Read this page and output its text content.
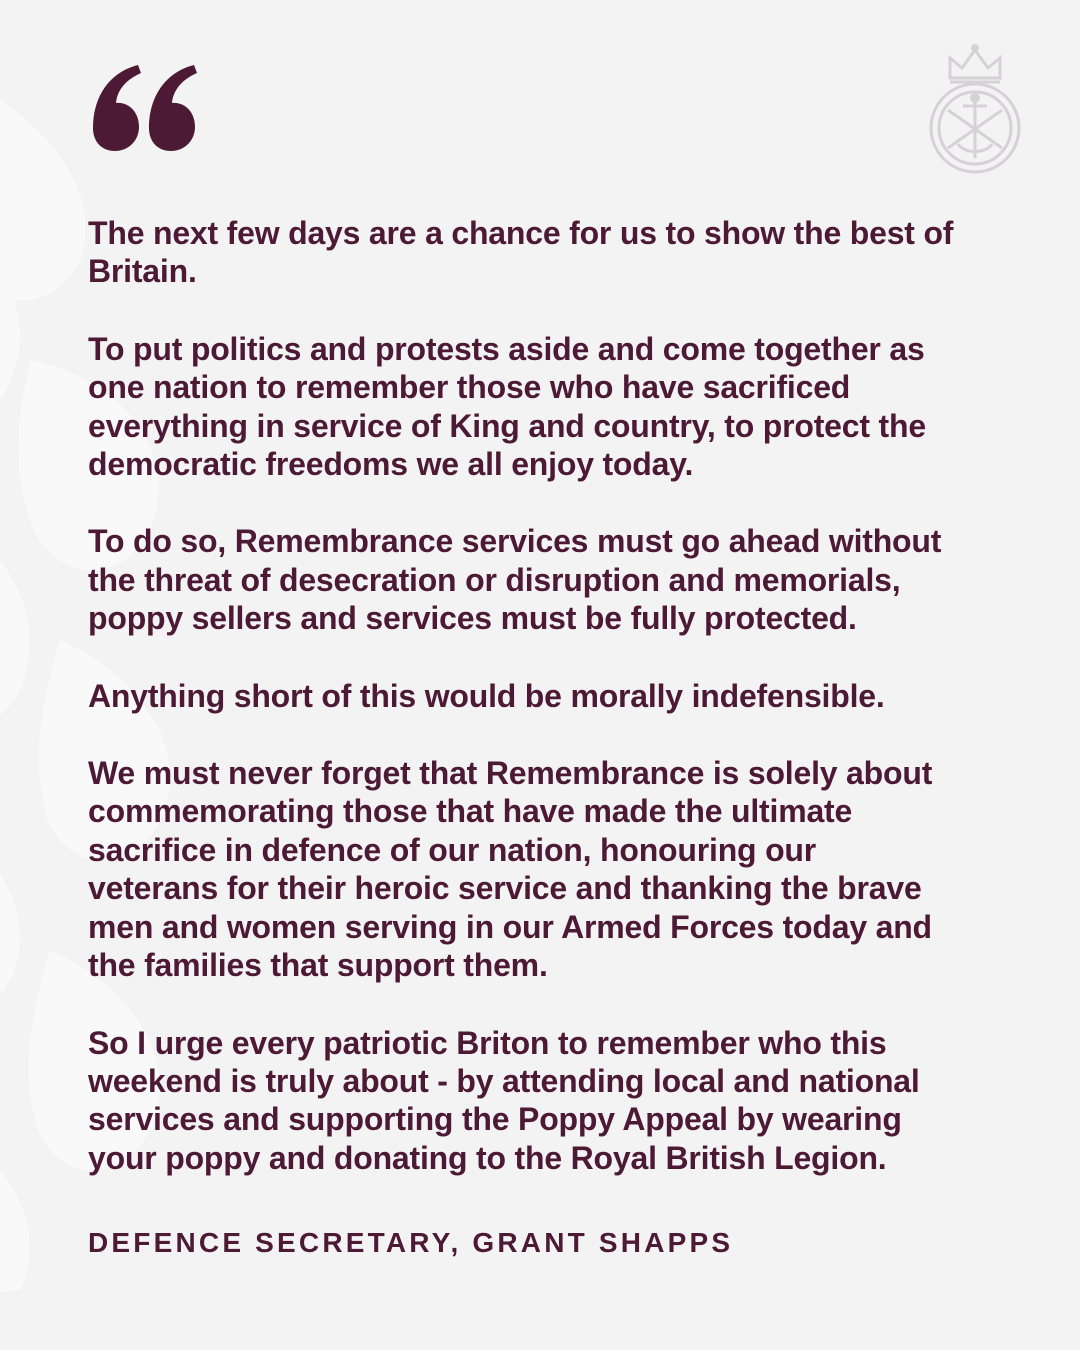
The next few days are a chance for us to show the best of
Britain.

To put politics and protests aside and come together as
one nation to remember those who have sacrificed
everything in service of King and country, to protect the
democratic freedoms we all enjoy today.

To do so, Remembrance services must go ahead without
the threat of desecration or disruption and memorials,
poppy sellers and services must be fully protected.

Anything short of this would be morally indefensible.

We must never forget that Remembrance is solely about
commemorating those that have made the ultimate
sacrifice in defence of our nation, honouring our
veterans for their heroic service and thanking the brave
men and women serving in our Armed Forces today and
the families that support them.

So I urge every patriotic Briton to remember who this
weekend is truly about - by attending local and national
services and supporting the Poppy Appeal by wearing
your poppy and donating to the Royal British Legion.

DEFENCE SECRETARY, GRANT SHAPPS
